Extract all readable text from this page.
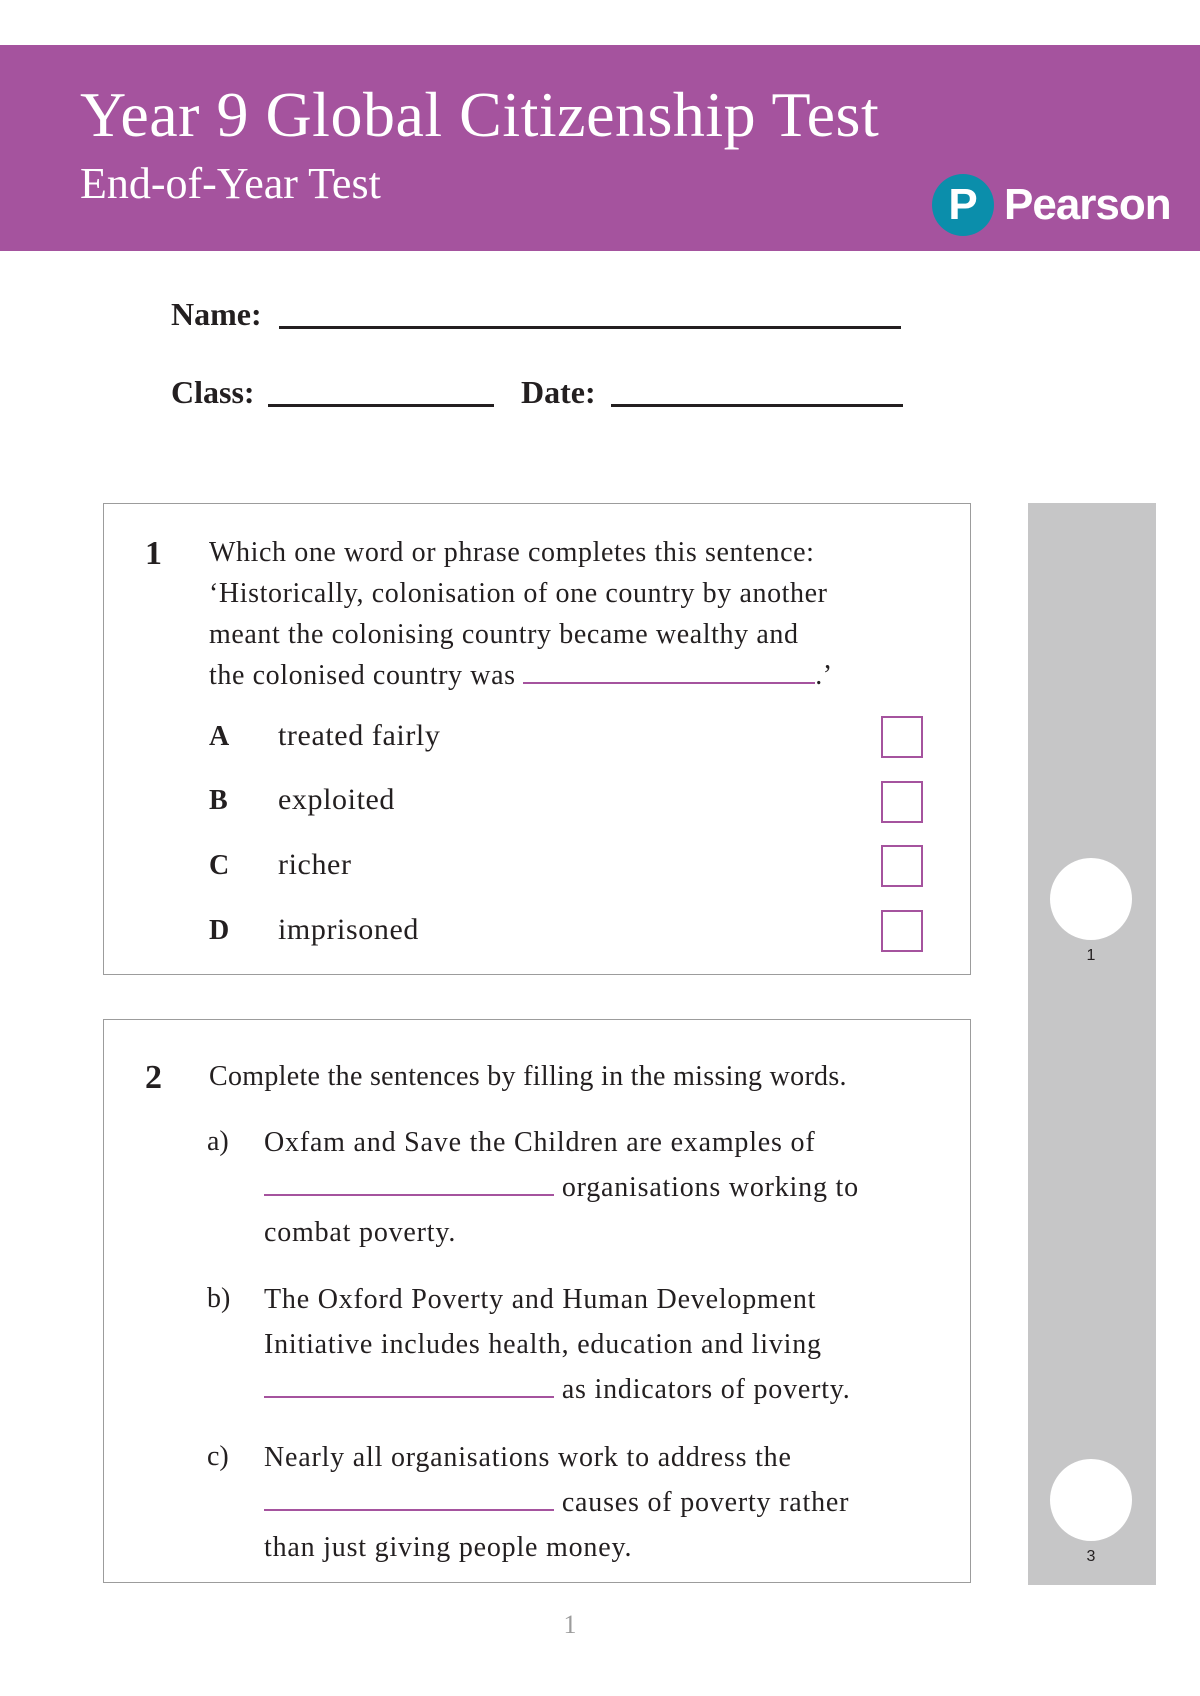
Year 9 Global Citizenship Test
End-of-Year Test	P Pearson
Name:
Class:	Date:
1 Which one word or phrase completes this sentence:
‘Historically, colonisation of one country by another
meant the colonising country became wealthy and
the colonised country was	.’
A treated fairly
B exploited
C richer
D imprisoned
2 Complete the sentences by filling in the missing words.
a) Oxfam and Save the Children are examples of
organisations working to
combat poverty.
b) The Oxford Poverty and Human Development
Initiative includes health, education and living
as indicators of poverty.
c) Nearly all organisations work to address the
causes of poverty rather
than just giving people money.
1
3
1
